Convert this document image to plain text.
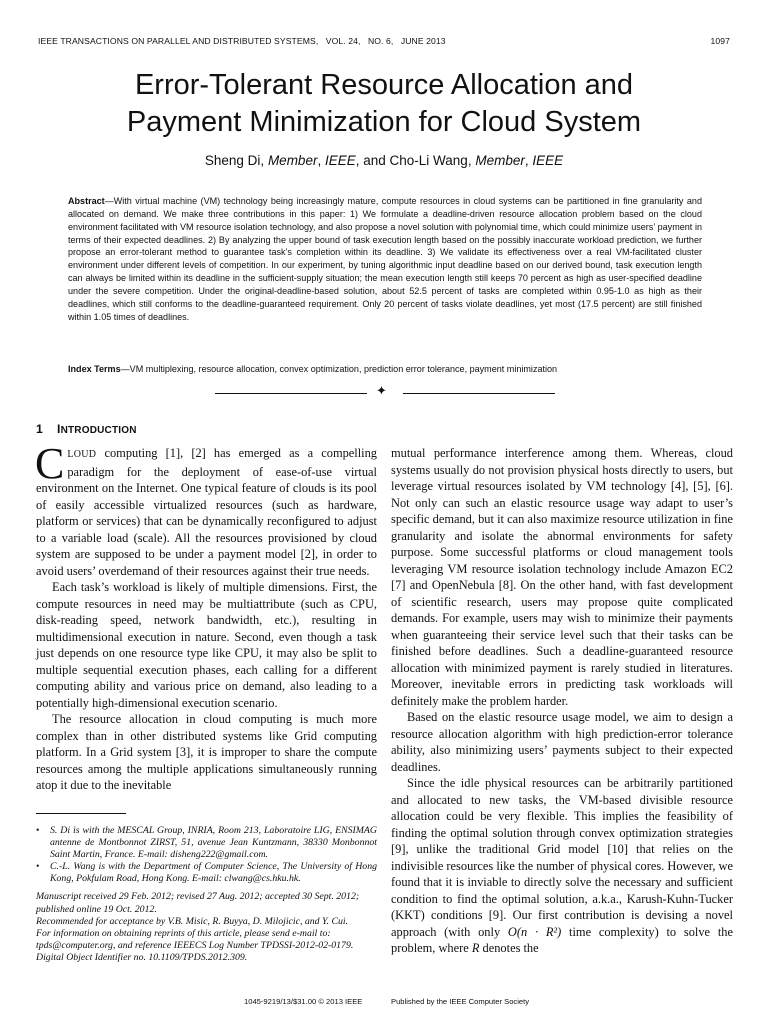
IEEE TRANSACTIONS ON PARALLEL AND DISTRIBUTED SYSTEMS,   VOL. 24,   NO. 6,   JUNE 2013	1097
Error-Tolerant Resource Allocation and
Payment Minimization for Cloud System
Sheng Di, Member, IEEE, and Cho-Li Wang, Member, IEEE
Abstract—With virtual machine (VM) technology being increasingly mature, compute resources in cloud systems can be partitioned in fine granularity and allocated on demand. We make three contributions in this paper: 1) We formulate a deadline-driven resource allocation problem based on the cloud environment facilitated with VM resource isolation technology, and also propose a novel solution with polynomial time, which could minimize users’ payment in terms of their expected deadlines. 2) By analyzing the upper bound of task execution length based on the possibly inaccurate workload prediction, we further propose an error-tolerant method to guarantee task’s completion within its deadline. 3) We validate its effectiveness over a real VM-facilitated cluster environment under different levels of competition. In our experiment, by tuning algorithmic input deadline based on our derived bound, task execution length can always be limited within its deadline in the sufficient-supply situation; the mean execution length still keeps 70 percent as high as user-specified deadline under the severe competition. Under the original-deadline-based solution, about 52.5 percent of tasks are completed within 0.95-1.0 as high as their deadlines, which still conforms to the deadline-guaranteed requirement. Only 20 percent of tasks violate deadlines, yet most (17.5 percent) are still finished within 1.05 times of deadlines.
Index Terms—VM multiplexing, resource allocation, convex optimization, prediction error tolerance, payment minimization
✦
1 INTRODUCTION

CLOUD computing [1], [2] has emerged as a compelling paradigm for the deployment of ease-of-use virtual environment on the Internet. One typical feature of clouds is its pool of easily accessible virtualized resources (such as hardware, platform or services) that can be dynamically reconfigured to adjust to a variable load (scale). All the resources provisioned by cloud system are supposed to be under a payment model [2], in order to avoid users’ overdemand of their resources against their true needs.

Each task’s workload is likely of multiple dimensions. First, the compute resources in need may be multiattribute (such as CPU, disk-reading speed, network bandwidth, etc.), resulting in multidimensional execution in nature. Second, even though a task just depends on one resource type like CPU, it may also be split to multiple sequential execution phases, each calling for a different computing ability and various price on demand, also leading to a potentially high-dimensional execution scenario.

The resource allocation in cloud computing is much more complex than in other distributed systems like Grid computing platform. In a Grid system [3], it is improper to share the compute resources among the multiple applications simultaneously running atop it due to the inevitable

• S. Di is with the MESCAL Group, INRIA, Room 213, Laboratoire LIG, ENSIMAG antenne de Montbonnot ZIRST, 51, avenue Jean Kuntzmann, 38330 Monbonnot Saint Martin, France. E-mail: disheng222@gmail.com.
• C.-L. Wang is with the Department of Computer Science, The University of Hong Kong, Pokfulam Road, Hong Kong. E-mail: clwang@cs.hku.hk.
Manuscript received 29 Feb. 2012; revised 27 Aug. 2012; accepted 30 Sept. 2012; published online 19 Oct. 2012.
Recommended for acceptance by V.B. Misic, R. Buyya, D. Milojicic, and Y. Cui.
For information on obtaining reprints of this article, please send e-mail to: tpds@computer.org, and reference IEEECS Log Number TPDSSI-2012-02-0179.
Digital Object Identifier no. 10.1109/TPDS.2012.309.

mutual performance interference among them. Whereas, cloud systems usually do not provision physical hosts directly to users, but leverage virtual resources isolated by VM technology [4], [5], [6]. Not only can such an elastic resource usage way adapt to user’s specific demand, but it can also maximize resource utilization in fine granularity and isolate the abnormal environments for safety purpose. Some successful platforms or cloud management tools leveraging VM resource isolation technology include Amazon EC2 [7] and OpenNebula [8]. On the other hand, with fast development of scientific research, users may propose quite complicated demands. For example, users may wish to minimize their payments when guaranteeing their service level such that their tasks can be finished before deadlines. Such a deadline-guaranteed resource allocation with minimized payment is rarely studied in literatures. Moreover, inevitable errors in predicting task workloads will definitely make the problem harder.

Based on the elastic resource usage model, we aim to design a resource allocation algorithm with high prediction-error tolerance ability, also minimizing users’ payments subject to their expected deadlines.

Since the idle physical resources can be arbitrarily partitioned and allocated to new tasks, the VM-based divisible resource allocation could be very flexible. This implies the feasibility of finding the optimal solution through convex optimization strategies [9], unlike the traditional Grid model [10] that relies on the indivisible resources like the number of physical cores. However, we found that it is inviable to directly solve the necessary and sufficient condition to find the optimal solution, a.k.a., Karush-Kuhn-Tucker (KKT) conditions [9]. Our first contribution is devising a novel approach (with only O(n · R²) time complexity) to solve the problem, where R denotes the

1045-9219/13/$31.00 © 2013 IEEE	Published by the IEEE Computer Society
